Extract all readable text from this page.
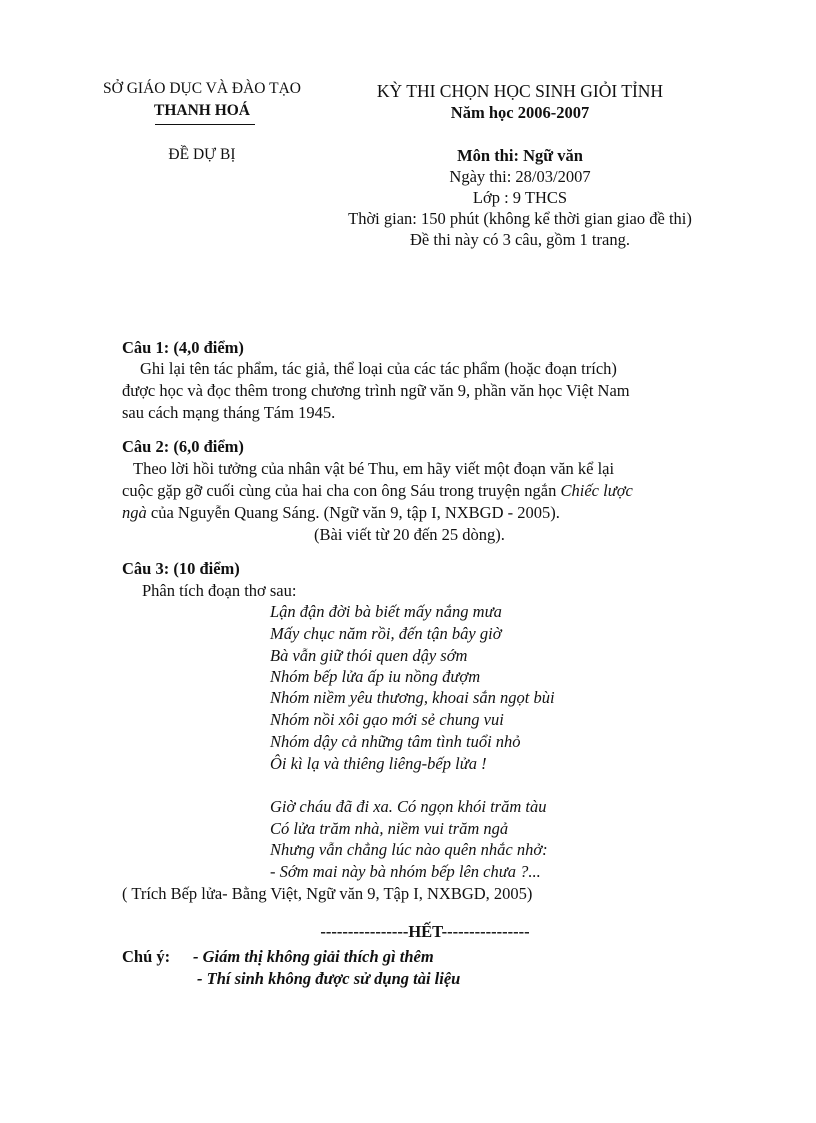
SỞ GIÁO DỤC VÀ ĐÀO TẠO
THANH HOÁ
ĐỀ DỰ BỊ
KỲ THI CHỌN HỌC SINH GIỎI TỈNH
Năm học 2006-2007
Môn thi: Ngữ văn
Ngày thi: 28/03/2007
Lớp : 9 THCS
Thời gian: 150 phút (không kể thời gian giao đề thi)
Đề thi này có 3 câu, gồm 1 trang.
Câu 1: (4,0 điểm)
Ghi lại tên tác phẩm, tác giả, thể loại của các tác phẩm (hoặc đoạn trích)
được học và đọc thêm trong chương trình ngữ văn 9, phần văn học Việt Nam
sau cách mạng tháng Tám 1945.
Câu 2: (6,0 điểm)
Theo lời hồi tưởng của nhân vật bé Thu, em hãy viết một đoạn văn kể lại
cuộc gặp gỡ cuối cùng của hai cha con ông Sáu trong truyện ngắn Chiếc lược
ngà của Nguyễn Quang Sáng. (Ngữ văn 9, tập I, NXBGD - 2005).
(Bài viết từ 20 đến 25 dòng).
Câu 3: (10 điểm)
Phân tích đoạn thơ sau:
Lận đận đời bà biết mấy nắng mưa
Mấy chục năm rồi, đến tận bây giờ
Bà vẫn giữ thói quen dậy sớm
Nhóm bếp lửa ấp iu nồng đượm
Nhóm niềm yêu thương, khoai sắn ngọt bùi
Nhóm nồi xôi gạo mới sẻ chung vui
Nhóm dậy cả những tâm tình tuổi nhỏ
Ôi kì lạ và thiêng liêng-bếp lửa !
Giờ cháu đã đi xa. Có ngọn khói trăm tàu
Có lửa trăm nhà, niềm vui trăm ngả
Nhưng vẫn chẳng lúc nào quên nhắc nhở:
- Sớm mai này bà nhóm bếp lên chưa ?...
( Trích Bếp lửa- Bằng Việt, Ngữ văn 9, Tập I, NXBGD, 2005)
----------------HẾT----------------
Chú ý: - Giám thị không giải thích gì thêm
- Thí sinh không được sử dụng tài liệu
